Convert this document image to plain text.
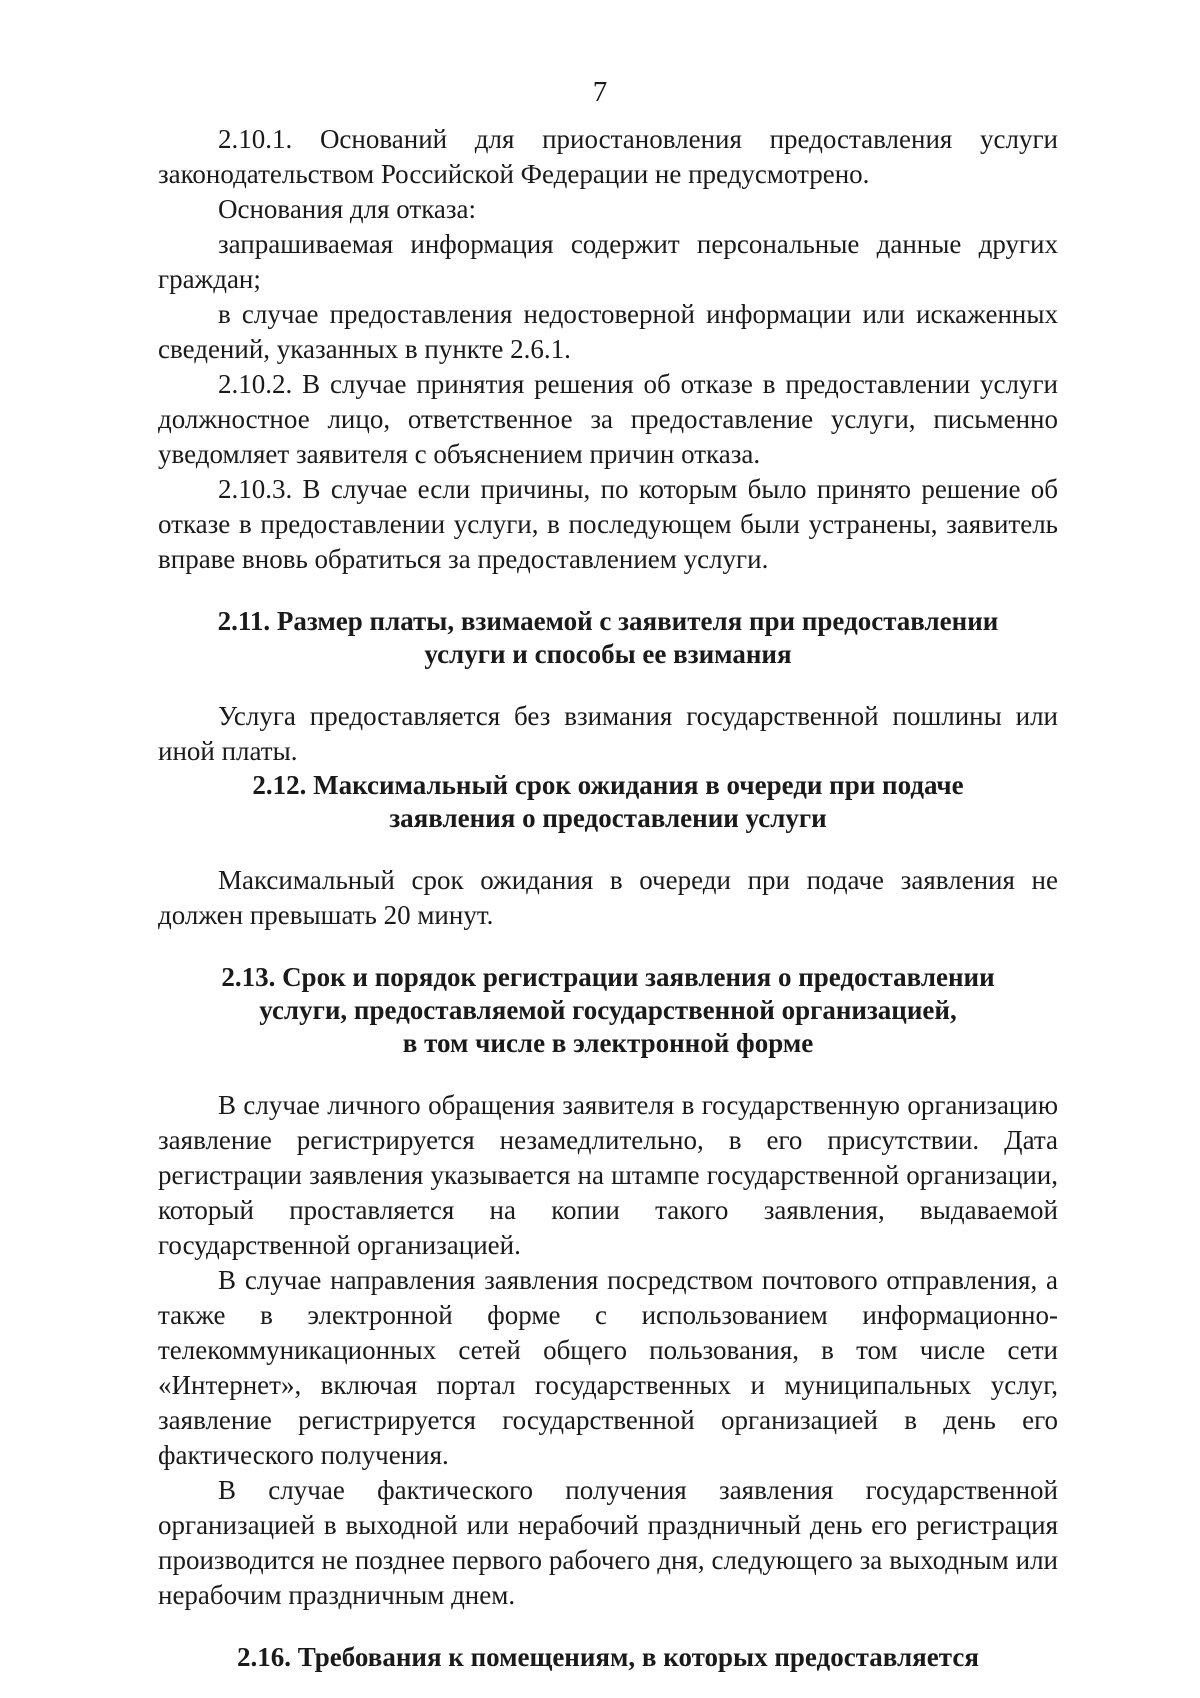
7

2.10.1. Оснований для приостановления предоставления услуги законодательством Российской Федерации не предусмотрено.

Основания для отказа:

запрашиваемая информация содержит персональные данные других граждан;

в случае предоставления недостоверной информации или искаженных сведений, указанных в пункте 2.6.1.

2.10.2. В случае принятия решения об отказе в предоставлении услуги должностное лицо, ответственное за предоставление услуги, письменно уведомляет заявителя с объяснением причин отказа.

2.10.3. В случае если причины, по которым было принято решение об отказе в предоставлении услуги, в последующем были устранены, заявитель вправе вновь обратиться за предоставлением услуги.

2.11. Размер платы, взимаемой с заявителя при предоставлении
услуги и способы ее взимания

Услуга предоставляется без взимания государственной пошлины или иной платы.

2.12. Максимальный срок ожидания в очереди при подаче
заявления о предоставлении услуги

Максимальный срок ожидания в очереди при подаче заявления не должен превышать 20 минут.

2.13. Срок и порядок регистрации заявления о предоставлении
услуги, предоставляемой государственной организацией,
в том числе в электронной форме

В случае личного обращения заявителя в государственную организацию заявление регистрируется незамедлительно, в его присутствии. Дата регистрации заявления указывается на штампе государственной организации, который проставляется на копии такого заявления, выдаваемой государственной организацией.

В случае направления заявления посредством почтового отправления, а также в электронной форме с использованием информационно-телекоммуникационных сетей общего пользования, в том числе сети «Интернет», включая портал государственных и муниципальных услуг, заявление регистрируется государственной организацией в день его фактического получения.

В случае фактического получения заявления государственной организацией в выходной или нерабочий праздничный день его регистрация производится не позднее первого рабочего дня, следующего за выходным или нерабочим праздничным днем.

2.16. Требования к помещениям, в которых предоставляется
